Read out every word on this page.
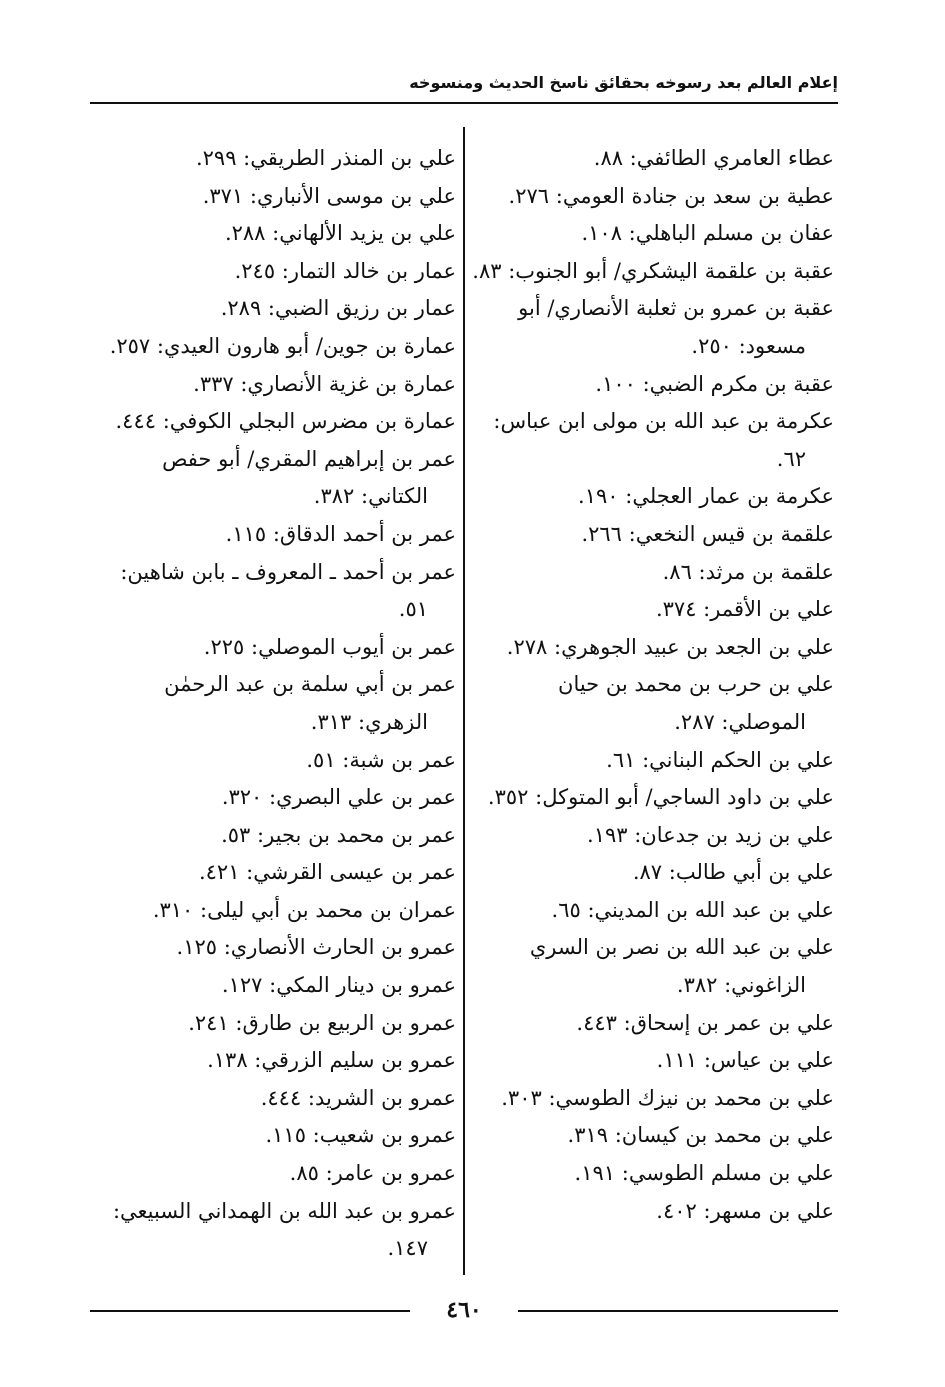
إعلام العالم بعد رسوخه بحقائق ناسخ الحديث ومنسوخه

عطاء العامري الطائفي: ٨٨.

عطية بن سعد بن جنادة العومي: ٢٧٦.

عفان بن مسلم الباهلي: ١٠٨.

عقبة بن علقمة اليشكري/ أبو الجنوب: ٨٣.

عقبة بن عمرو بن ثعلبة الأنصاري/ أبو مسعود: ٢٥٠.

عقبة بن مكرم الضبي: ١٠٠.

عكرمة بن عبد الله بن مولى ابن عباس: ٦٢.

عكرمة بن عمار العجلي: ١٩٠.

علقمة بن قيس النخعي: ٢٦٦.

علقمة بن مرثد: ٨٦.

علي بن الأقمر: ٣٧٤.

علي بن الجعد بن عبيد الجوهري: ٢٧٨.

علي بن حرب بن محمد بن حيان الموصلي: ٢٨٧.

علي بن الحكم البناني: ٦١.

علي بن داود الساجي/ أبو المتوكل: ٣٥٢.

علي بن زيد بن جدعان: ١٩٣.

علي بن أبي طالب: ٨٧.

علي بن عبد الله بن المديني: ٦٥.

علي بن عبد الله بن نصر بن السري الزاغوني: ٣٨٢.

علي بن عمر بن إسحاق: ٤٤٣.

علي بن عياس: ١١١.

علي بن محمد بن نيزك الطوسي: ٣٠٣.

علي بن محمد بن كيسان: ٣١٩.

علي بن مسلم الطوسي: ١٩١.

علي بن مسهر: ٤٠٢.

علي بن المنذر الطريقي: ٢٩٩.

علي بن موسى الأنباري: ٣٧١.

علي بن يزيد الألهاني: ٢٨٨.

عمار بن خالد التمار: ٢٤٥.

عمار بن رزيق الضبي: ٢٨٩.

عمارة بن جوين/ أبو هارون العيدي: ٢٥٧.

عمارة بن غزية الأنصاري: ٣٣٧.

عمارة بن مضرس البجلي الكوفي: ٤٤٤.

عمر بن إبراهيم المقري/ أبو حفص الكتاني: ٣٨٢.

عمر بن أحمد الدقاق: ١١٥.

عمر بن أحمد ـ المعروف ـ بابن شاهين: ٥١.

عمر بن أيوب الموصلي: ٢٢٥.

عمر بن أبي سلمة بن عبد الرحمٰن الزهري: ٣١٣.

عمر بن شبة: ٥١.

عمر بن علي البصري: ٣٢٠.

عمر بن محمد بن بجير: ٥٣.

عمر بن عيسى القرشي: ٤٢١.

عمران بن محمد بن أبي ليلى: ٣١٠.

عمرو بن الحارث الأنصاري: ١٢٥.

عمرو بن دينار المكي: ١٢٧.

عمرو بن الربيع بن طارق: ٢٤١.

عمرو بن سليم الزرقي: ١٣٨.

عمرو بن الشريد: ٤٤٤.

عمرو بن شعيب: ١١٥.

عمرو بن عامر: ٨٥.

عمرو بن عبد الله بن الهمداني السبيعي: ١٤٧.

٤٦٠
